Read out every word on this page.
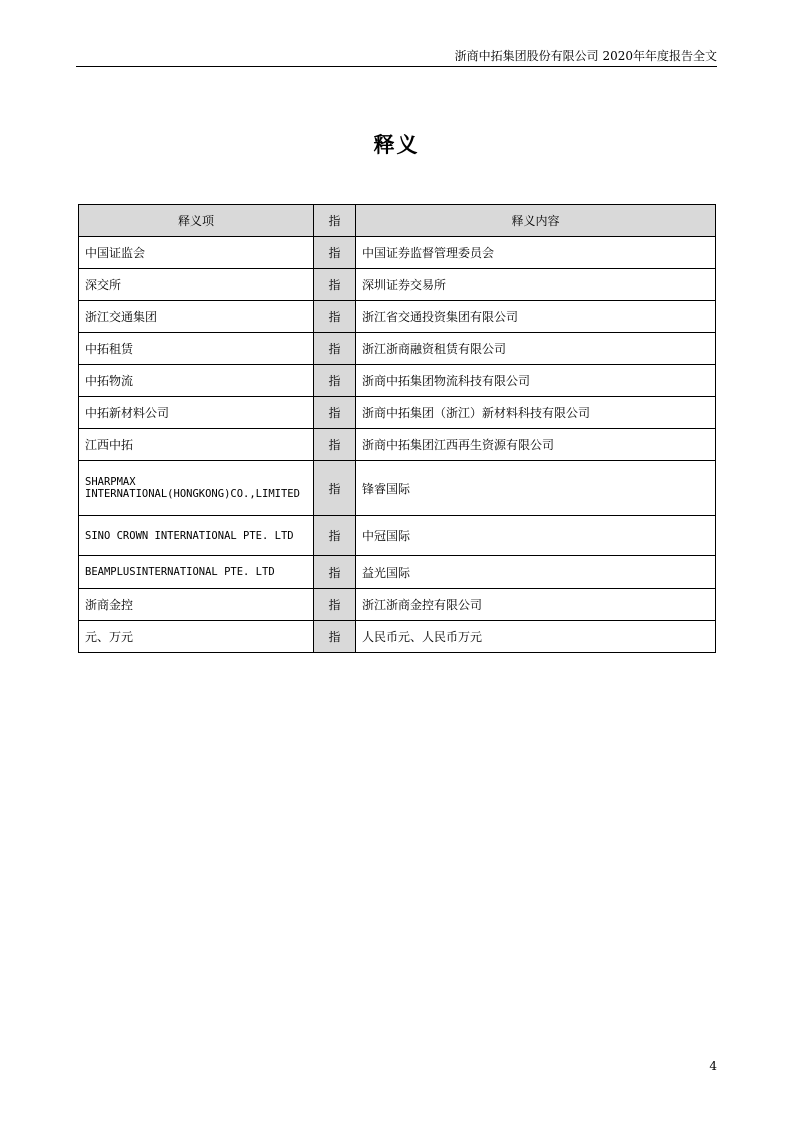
浙商中拓集团股份有限公司 2020年年度报告全文
释义
释义项	指	释义内容
中国证监会	指	中国证券监督管理委员会
深交所	指	深圳证券交易所
浙江交通集团	指	浙江省交通投资集团有限公司
中拓租赁	指	浙江浙商融资租赁有限公司
中拓物流	指	浙商中拓集团物流科技有限公司
中拓新材料公司	指	浙商中拓集团（浙江）新材料科技有限公司
江西中拓	指	浙商中拓集团江西再生资源有限公司

SHARPMAX
INTERNATIONAL(HONGKONG)CO.,LIMITED	指	锋睿国际
SINO CROWN INTERNATIONAL PTE. LTD	指	中冠国际
BEAMPLUSINTERNATIONAL PTE. LTD	指	益光国际
浙商金控	指	浙江浙商金控有限公司
元、万元	指	人民币元、人民币万元
4
